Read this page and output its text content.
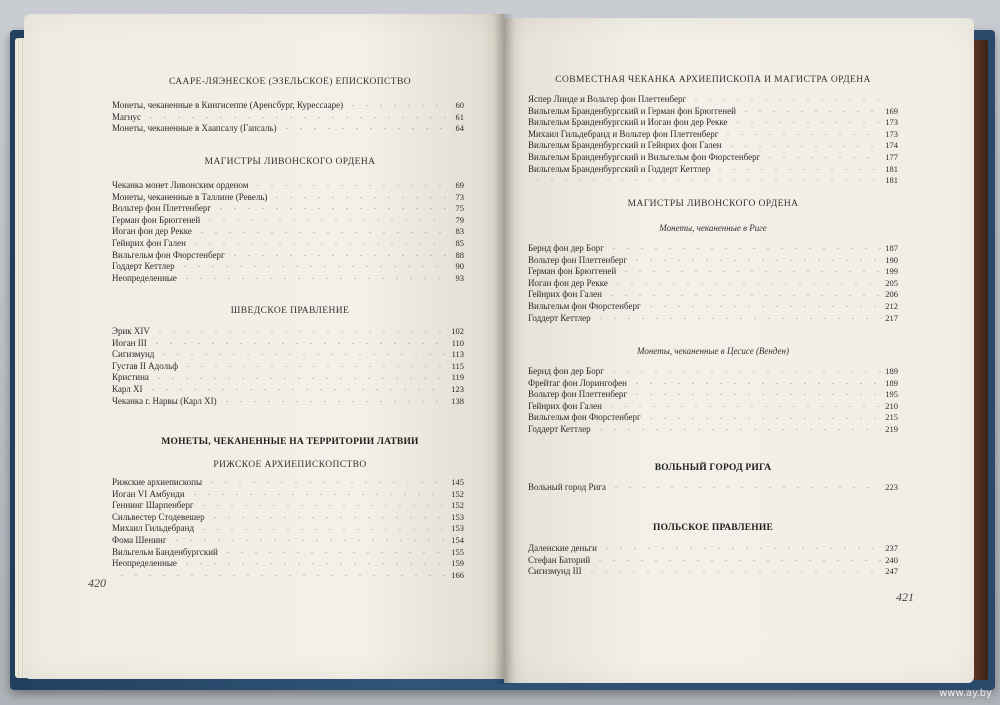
СААРЕ-ЛЯЭНЕСКОЕ (ЭЗЕЛЬСКОЕ) ЕПИСКОПСТВО
Монеты, чеканенные в Кингисеппе (Аренсбург, Курессааре)	60
Магнус	61
Монеты, чеканенные в Хаапсалу (Гапсаль)	64
МАГИСТРЫ ЛИВОНСКОГО ОРДЕНА
Чеканка монет Ливонским орденом	69
Монеты, чеканенные в Таллине (Ревель)	73
Вольтер фон Плеттенберг	75
Герман фон Брюггеней	79
Иоган фон дер Рекке	83
Гейнрих фон Гален	85
Вильгельм фон Фюрстенберг	88
Годдерт Кеттлер	90
Неопределенные	93
ШВЕДСКОЕ ПРАВЛЕНИЕ
Эрик XIV	102
Иоган III	110
Сигизмунд	113
Густав II Адольф	115
Кристина	119
Карл XI	123
Чеканка г. Нарвы (Карл XI)	138
МОНЕТЫ, ЧЕКАНЕННЫЕ НА ТЕРРИТОРИИ ЛАТВИИ
РИЖСКОЕ АРХИЕПИСКОПСТВО
Рижские архиепископы	145
Иоган VI Амбунди	152
Геннинг Шарпенберг	152
Сильвестер Стодевешер	153
Михаил Гильдебранд	153
Фома Шенинг	154
Вильгельм Банденбургский	155
Неопределенные	159
166
СОВМЕСТНАЯ ЧЕКАНКА АРХИЕПИСКОПА И МАГИСТРА ОРДЕНА
Яспер Линде и Вольтер фон Плеттенберг
Вильгельм Бранденбургский и Герман фон Брюггеней	169
Вильгельм Бранденбургский и Иоган фон дер Рекке	173
Михаил Гильдебранд и Вольтер фон Плеттенберг	173
Вильгельм Бранденбургский и Гейнрих фон Гален	174
Вильгельм Бранденбургский и Вильгельм фон Фюрстенберг	177
Вильгельм Бранденбургский и Годдерт Кеттлер	181
181
МАГИСТРЫ ЛИВОНСКОГО ОРДЕНА
Монеты, чеканенные в Риге
Бернд фон дер Борг	187
Вольтер фон Плеттенберг	190
Герман фон Брюггеней	199
Иоган фон дер Рекке	205
Гейнрих фон Гален	206
Вильгельм фон Фюрстенберг	212
Годдерт Кеттлер	217
Монеты, чеканенные в Цесисе (Венден)
Бернд фон дер Борг	189
Фрейтаг фон Лорингофен	189
Вольтер фон Плеттенберг	195
Гейнрих фон Гален	210
Вильгельм фон Фюрстенберг	215
Годдерт Кеттлер	219
ВОЛЬНЫЙ ГОРОД РИГА
Вольный город Рига	223
ПОЛЬСКОЕ ПРАВЛЕНИЕ
Даленские деньги	237
Стефан Баторий	240
Сигизмунд III	247
420
421
www.ay.by
